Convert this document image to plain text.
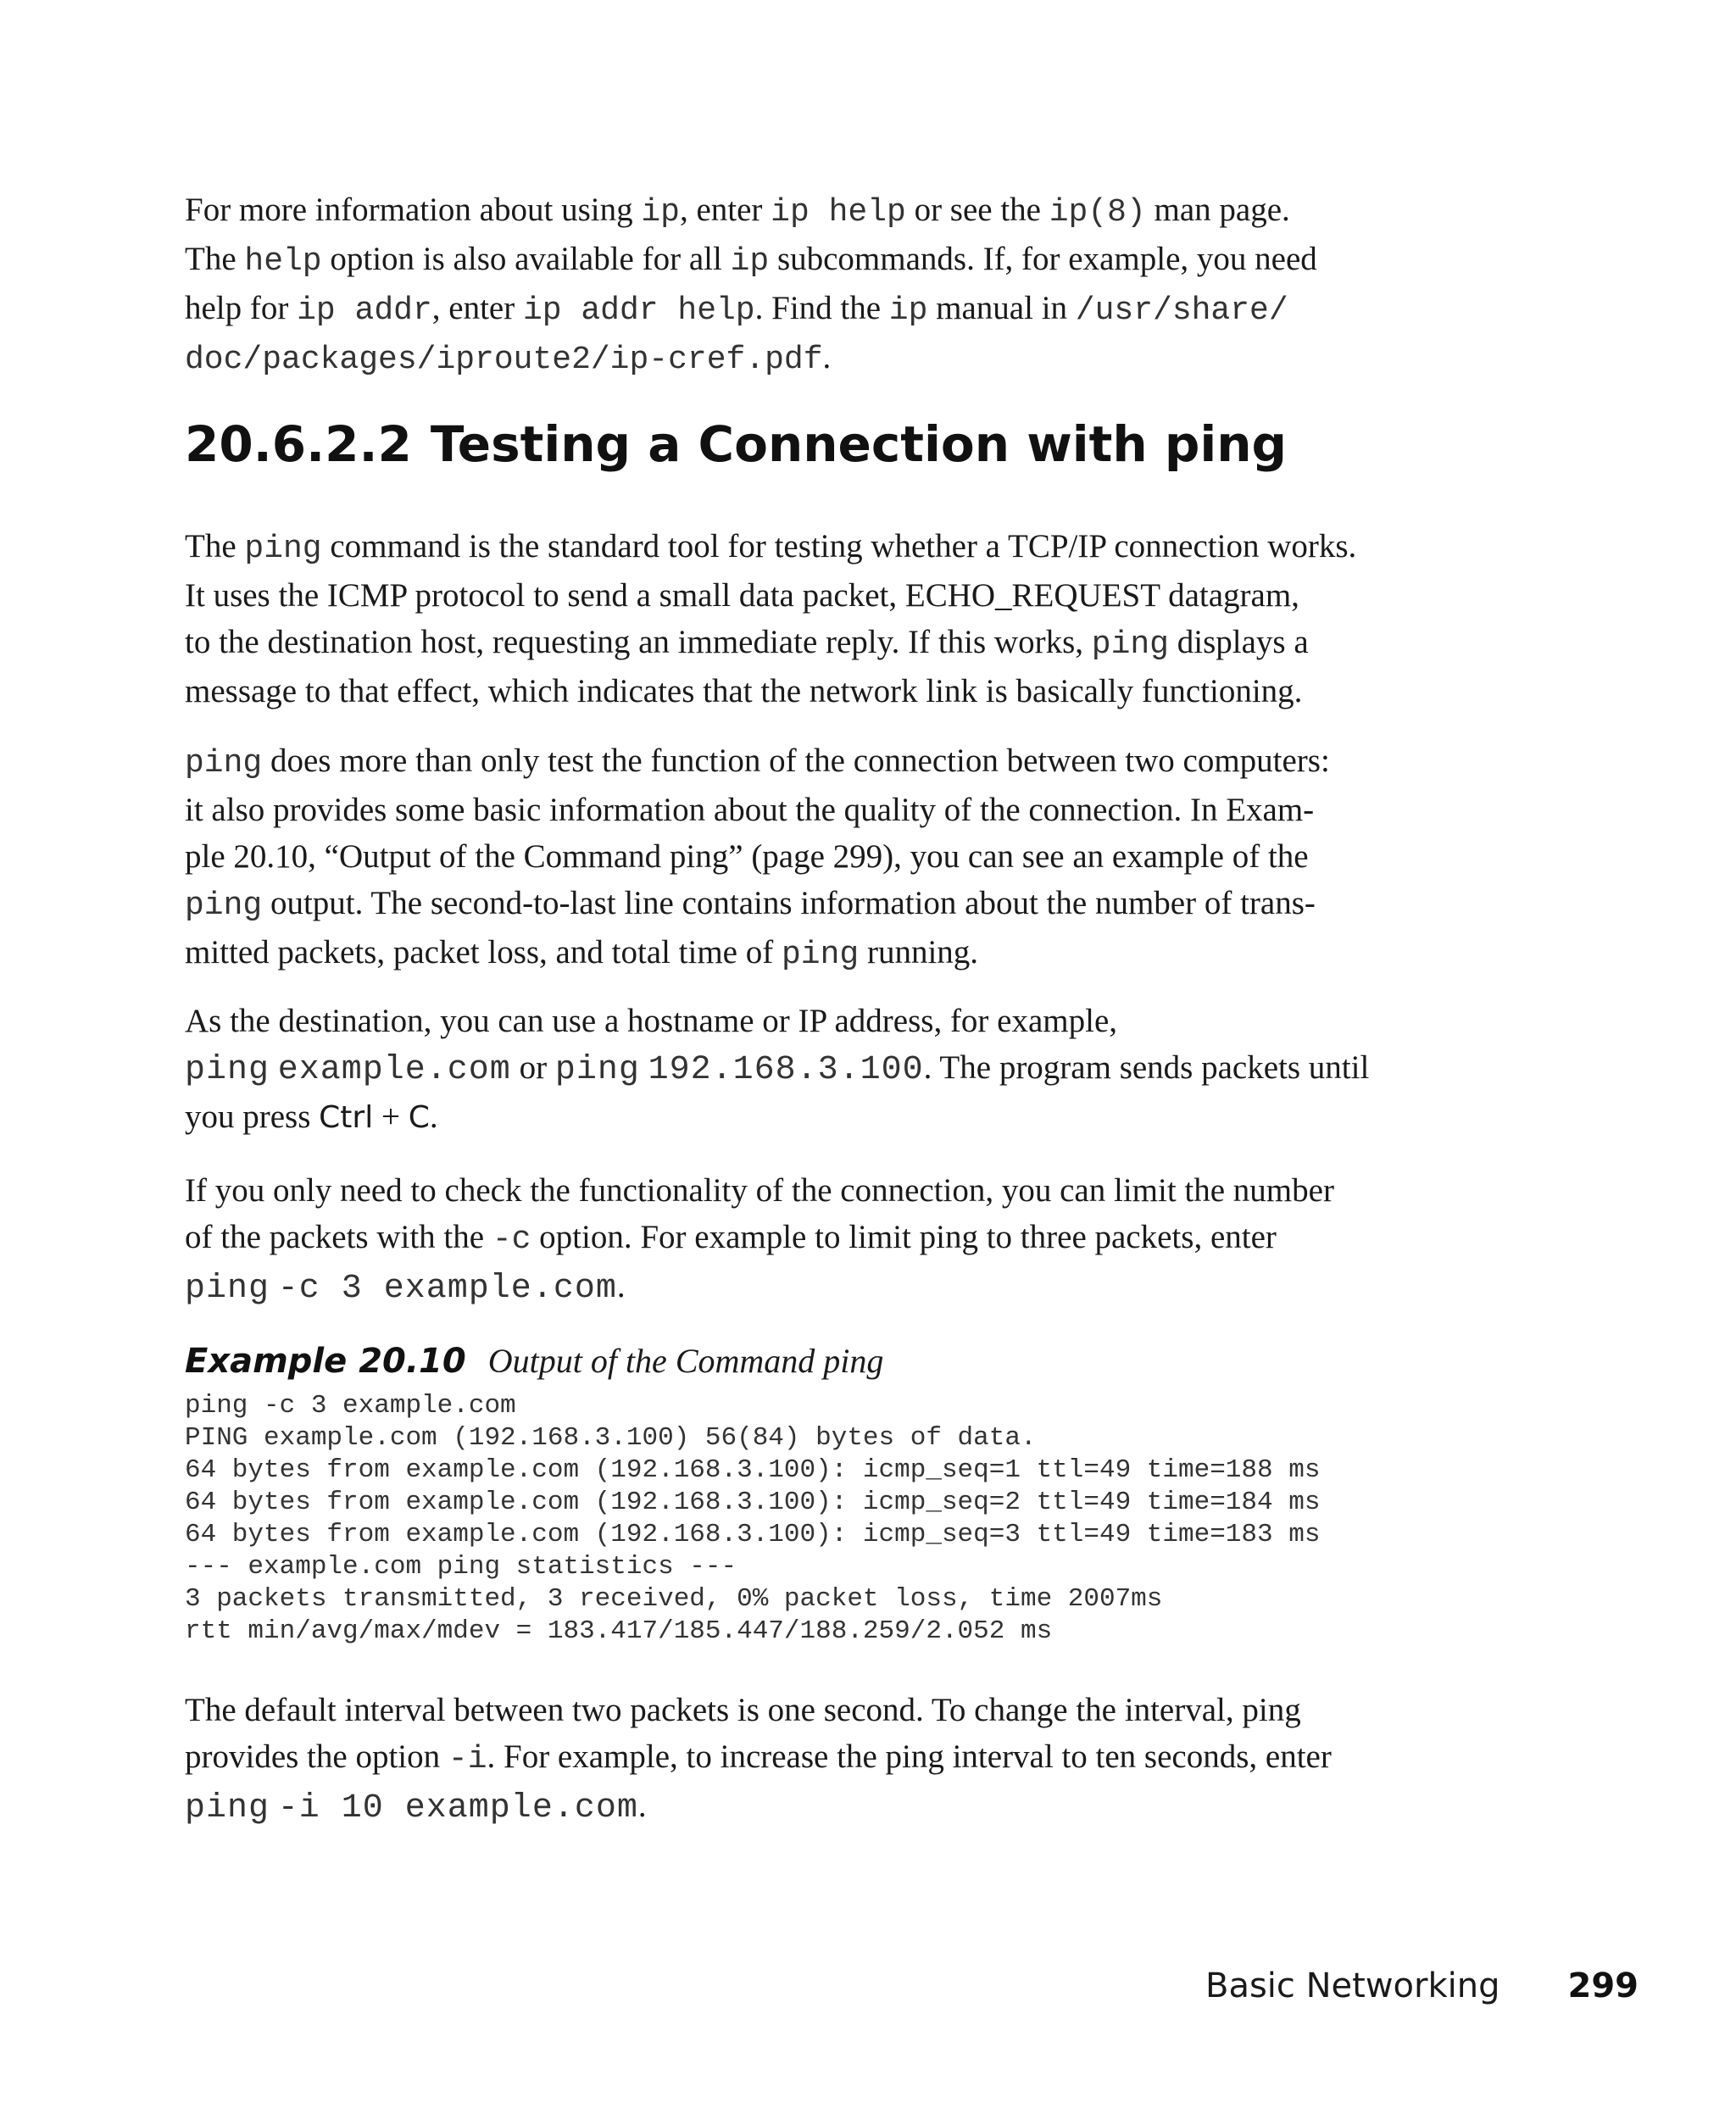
For more information about using ip, enter ip help or see the ip(8) man page.
The help option is also available for all ip subcommands. If, for example, you need
help for ip addr, enter ip addr help. Find the ip manual in /usr/share/
doc/packages/iproute2/ip-cref.pdf.

20.6.2.2 Testing a Connection with ping

The ping command is the standard tool for testing whether a TCP/IP connection works.
It uses the ICMP protocol to send a small data packet, ECHO_REQUEST datagram,
to the destination host, requesting an immediate reply. If this works, ping displays a
message to that effect, which indicates that the network link is basically functioning.

ping does more than only test the function of the connection between two computers:
it also provides some basic information about the quality of the connection. In Exam-
ple 20.10, “Output of the Command ping” (page 299), you can see an example of the
ping output. The second-to-last line contains information about the number of trans-
mitted packets, packet loss, and total time of ping running.

As the destination, you can use a hostname or IP address, for example,
ping example.com or ping 192.168.3.100. The program sends packets until
you press Ctrl + C.

If you only need to check the functionality of the connection, you can limit the number
of the packets with the -c option. For example to limit ping to three packets, enter
ping -c 3 example.com.

Example 20.10 Output of the Command ping
ping -c 3 example.com
PING example.com (192.168.3.100) 56(84) bytes of data.
64 bytes from example.com (192.168.3.100): icmp_seq=1 ttl=49 time=188 ms
64 bytes from example.com (192.168.3.100): icmp_seq=2 ttl=49 time=184 ms
64 bytes from example.com (192.168.3.100): icmp_seq=3 ttl=49 time=183 ms
--- example.com ping statistics ---
3 packets transmitted, 3 received, 0% packet loss, time 2007ms
rtt min/avg/max/mdev = 183.417/185.447/188.259/2.052 ms

The default interval between two packets is one second. To change the interval, ping
provides the option -i. For example, to increase the ping interval to ten seconds, enter
ping -i 10 example.com.

Basic Networking 299
